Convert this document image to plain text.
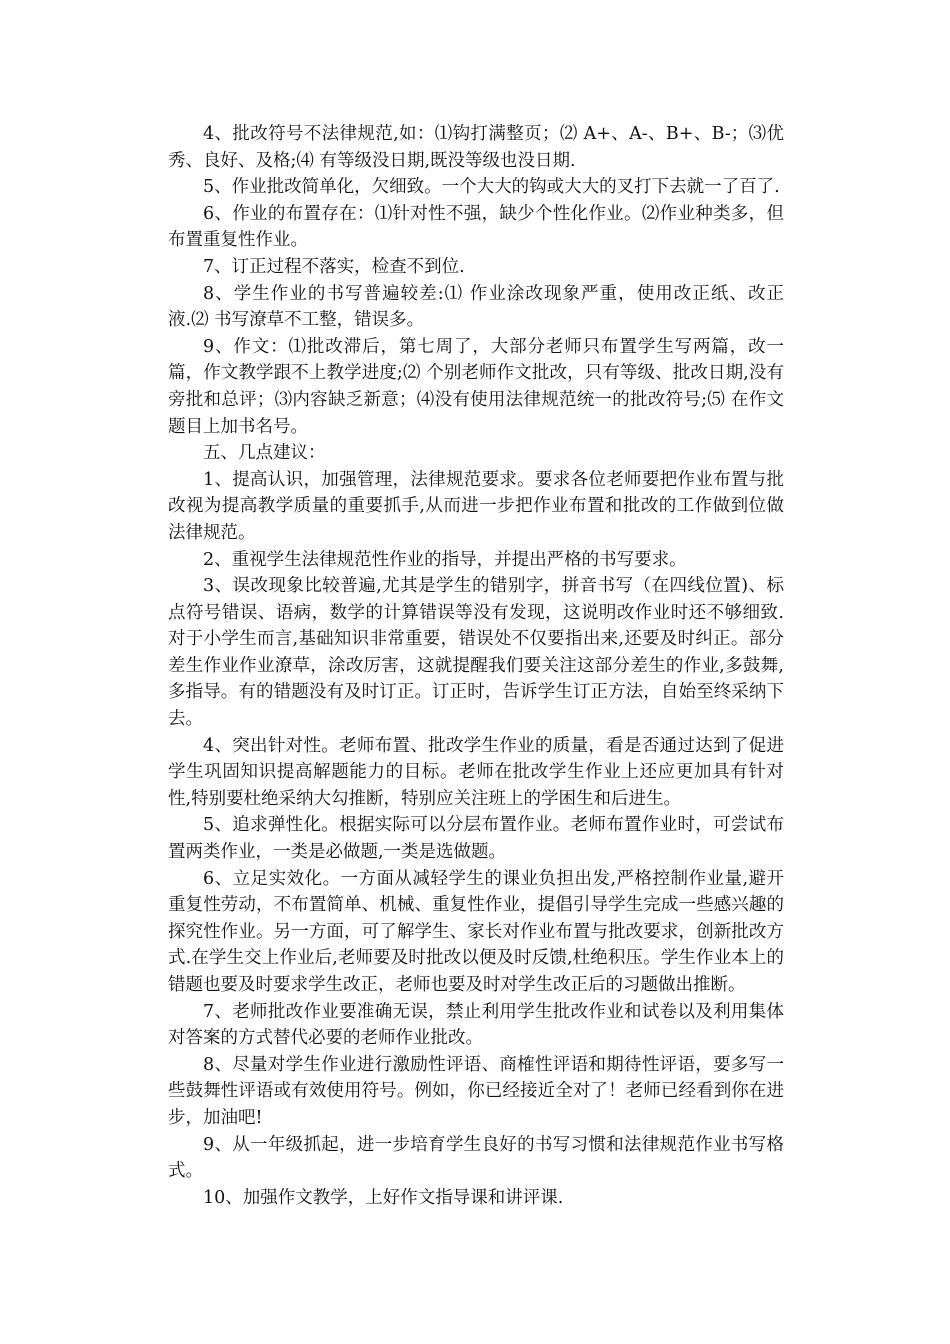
4、批改符号不法律规范,如：⑴钩打满整页；⑵ A+、A-、B+、B-；⑶优秀、良好、及格;⑷ 有等级没日期,既没等级也没日期.

5、作业批改简单化，欠细致。一个大大的钩或大大的叉打下去就一了百了.

6、作业的布置存在：⑴针对性不强，缺少个性化作业。⑵作业种类多，但布置重复性作业。

7、订正过程不落实，检查不到位.

8、学生作业的书写普遍较差:⑴ 作业涂改现象严重，使用改正纸、改正液.⑵ 书写潦草不工整，错误多。

9、作文：⑴批改滞后，第七周了，大部分老师只布置学生写两篇，改一篇，作文教学跟不上教学进度;⑵ 个别老师作文批改，只有等级、批改日期,没有旁批和总评；⑶内容缺乏新意；⑷没有使用法律规范统一的批改符号;⑸ 在作文题目上加书名号。

五、几点建议：

1、提高认识，加强管理，法律规范要求。要求各位老师要把作业布置与批改视为提高教学质量的重要抓手,从而进一步把作业布置和批改的工作做到位做法律规范。

2、重视学生法律规范性作业的指导，并提出严格的书写要求。

3、误改现象比较普遍,尤其是学生的错别字，拼音书写（在四线位置)、标点符号错误、语病，数学的计算错误等没有发现，这说明改作业时还不够细致.对于小学生而言,基础知识非常重要，错误处不仅要指出来,还要及时纠正。部分差生作业作业潦草，涂改厉害，这就提醒我们要关注这部分差生的作业,多鼓舞,多指导。有的错题没有及时订正。订正时，告诉学生订正方法，自始至终采纳下去。

4、突出针对性。老师布置、批改学生作业的质量，看是否通过达到了促进学生巩固知识提高解题能力的目标。老师在批改学生作业上还应更加具有针对性,特别要杜绝采纳大勾推断，特别应关注班上的学困生和后进生。

5、追求弹性化。根据实际可以分层布置作业。老师布置作业时，可尝试布置两类作业，一类是必做题,一类是选做题。

6、立足实效化。一方面从减轻学生的课业负担出发,严格控制作业量,避开重复性劳动，不布置简单、机械、重复性作业，提倡引导学生完成一些感兴趣的探究性作业。另一方面，可了解学生、家长对作业布置与批改要求，创新批改方式.在学生交上作业后,老师要及时批改以便及时反馈,杜绝积压。学生作业本上的错题也要及时要求学生改正，老师也要及时对学生改正后的习题做出推断。

7、老师批改作业要准确无误，禁止利用学生批改作业和试卷以及利用集体对答案的方式替代必要的老师作业批改。

8、尽量对学生作业进行激励性评语、商榷性评语和期待性评语，要多写一些鼓舞性评语或有效使用符号。例如，你已经接近全对了！老师已经看到你在进步，加油吧!

9、从一年级抓起，进一步培育学生良好的书写习惯和法律规范作业书写格式。

10、加强作文教学，上好作文指导课和讲评课.
